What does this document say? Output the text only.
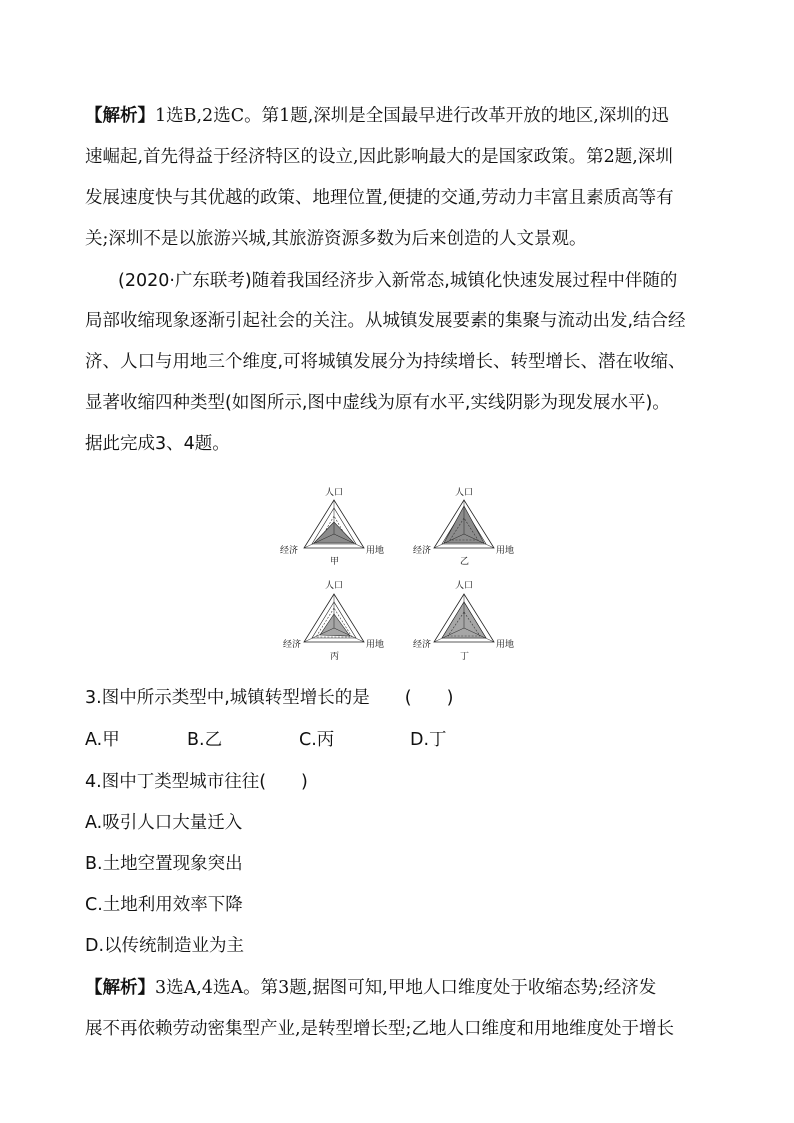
【解析】1选B,2选C。第1题,深圳是全国最早进行改革开放的地区,深圳的迅
速崛起,首先得益于经济特区的设立,因此影响最大的是国家政策。第2题,深圳
发展速度快与其优越的政策、地理位置,便捷的交通,劳动力丰富且素质高等有
关;深圳不是以旅游兴城,其旅游资源多数为后来创造的人文景观。
(2020·广东联考)随着我国经济步入新常态,城镇化快速发展过程中伴随的
局部收缩现象逐渐引起社会的关注。从城镇发展要素的集聚与流动出发,结合经
济、人口与用地三个维度,可将城镇发展分为持续增长、转型增长、潜在收缩、
显著收缩四种类型(如图所示,图中虚线为原有水平,实线阴影为现发展水平)。
据此完成3、4题。
人口
经济	用地
甲
人口
经济	用地
乙
人口
经济	用地
丙
人口
经济	用地
丁
3.图中所示类型中,城镇转型增长的是　　(　　)
A.甲	B.乙	C.丙	D.丁
4.图中丁类型城市往往(　　)
A.吸引人口大量迁入
B.土地空置现象突出
C.土地利用效率下降
D.以传统制造业为主
【解析】3选A,4选A。第3题,据图可知,甲地人口维度处于收缩态势;经济发
展不再依赖劳动密集型产业,是转型增长型;乙地人口维度和用地维度处于增长
